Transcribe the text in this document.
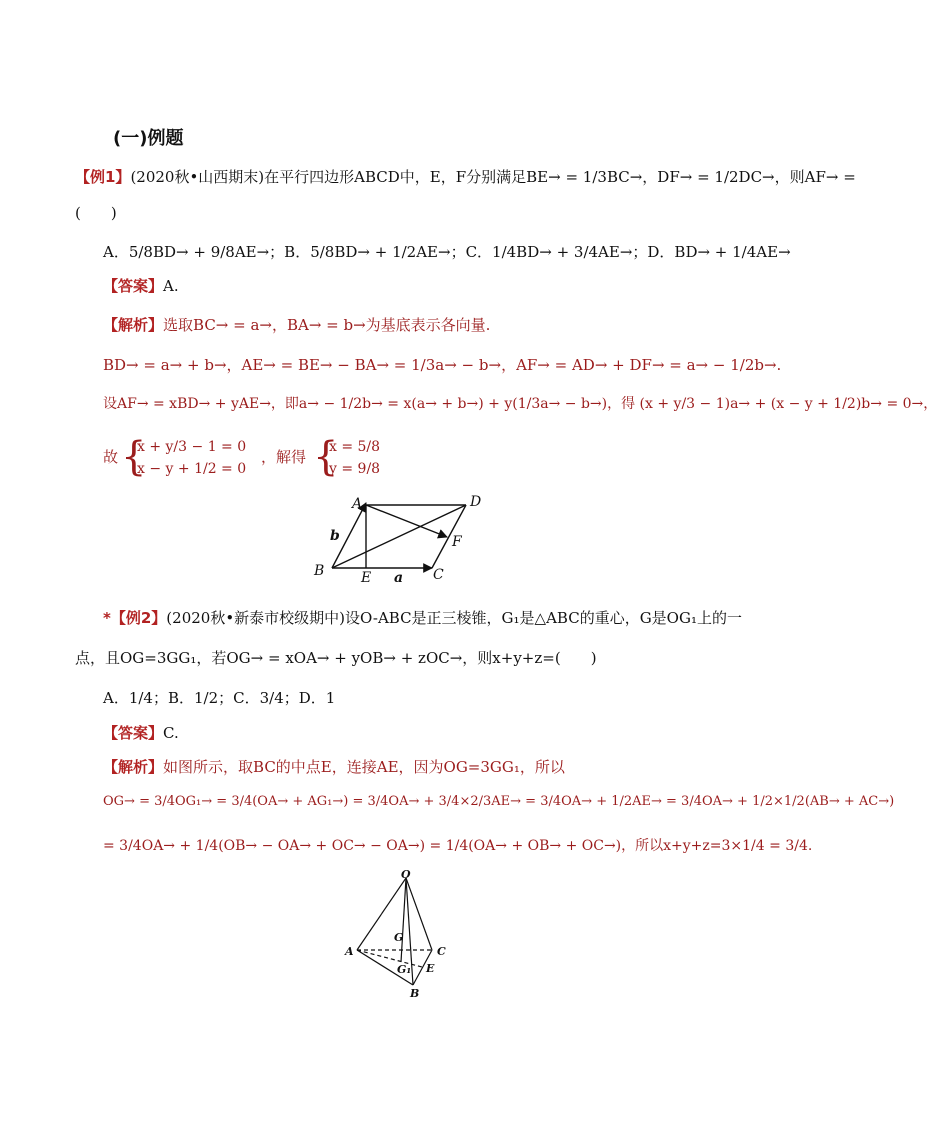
(一)例题
【例1】(2020秋•山西期末)在平行四边形ABCD中，E，F分别满足BE→ = 1/3BC→，DF→ = 1/2DC→，则AF→ =
(　　)
A．5/8BD→ + 9/8AE→；B．5/8BD→ + 1/2AE→；C．1/4BD→ + 3/4AE→；D．BD→ + 1/4AE→
【答案】A.
【解析】选取BC→ = a→，BA→ = b→为基底表示各向量.
BD→ = a→ + b→，AE→ = BE→ − BA→ = 1/3a→ − b→，AF→ = AD→ + DF→ = a→ − 1/2b→.
设AF→ = xBD→ + yAE→，即a→ − 1/2b→ = x(a→ + b→) + y(1/3a→ − b→)，得 (x + y/3 − 1)a→ + (x − y + 1/2)b→ = 0→，
故 {
x + y/3 − 1 = 0
x − y + 1/2 = 0
，解得 {
x = 5/8
y = 9/8
A	D
F
B	E	C
a
b
*【例2】(2020秋•新泰市校级期中)设O-ABC是正三棱锥，G₁是△ABC的重心，G是OG₁上的一
点，且OG=3GG₁，若OG→ = xOA→ + yOB→ + zOC→，则x+y+z=(　　)
A．1/4；B．1/2；C．3/4；D．1
【答案】C.
【解析】如图所示，取BC的中点E，连接AE，因为OG=3GG₁，所以
OG→ = 3/4OG₁→ = 3/4(OA→ + AG₁→) = 3/4OA→ + 3/4×2/3AE→ = 3/4OA→ + 1/2AE→ = 3/4OA→ + 1/2×1/2(AB→ + AC→)
= 3/4OA→ + 1/4(OB→ − OA→ + OC→ − OA→) = 1/4(OA→ + OB→ + OC→)，所以x+y+z=3×1/4 = 3/4.
O
A	C
B
G
G₁ E
